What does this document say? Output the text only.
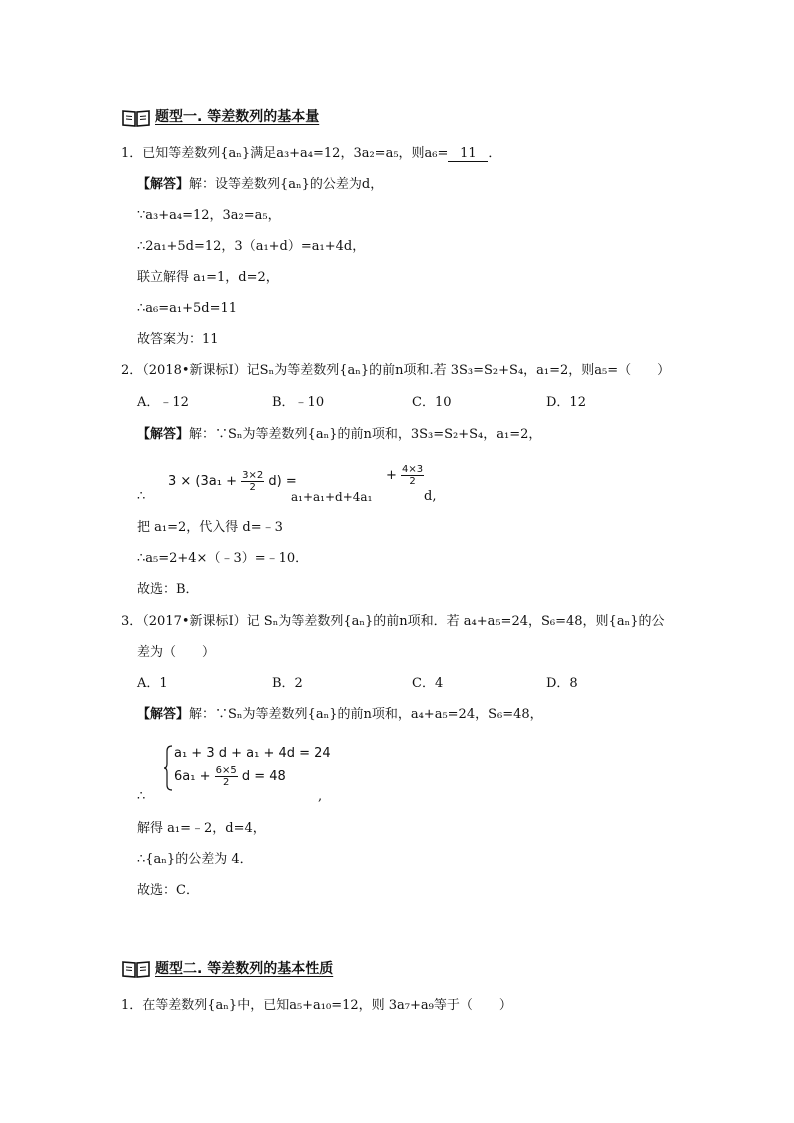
题型一. 等差数列的基本量
1．已知等差数列{aₙ}满足a₃+a₄=12，3a₂=a₅，则a₆= 11 ．
【解答】解：设等差数列{aₙ}的公差为d，
∵a₃+a₄=12，3a₂=a₅，
∴2a₁+5d=12，3（a₁+d）=a₁+4d，
联立解得 a₁=1，d=2，
∴a₆=a₁+5d=11
故答案为：11
2．（2018•新课标Ⅰ）记Sₙ为等差数列{aₙ}的前n项和.若 3S₃=S₂+S₄，a₁=2，则a₅=（　　）
A．﹣12	B．﹣10	C．10	D．12
【解答】解：∵Sₙ为等差数列{aₙ}的前n项和，3S₃=S₂+S₄，a₁=2，
∴
$3 \times (3a_1 + \frac{3\times 2}{2} d)$ =
a₁+a₁+d+4a₁
+ $\frac{4\times 3}{2}$
d,
把 a₁=2，代入得 d=﹣3
∴a₅=2+4×（﹣3）=﹣10．
故选：B．
3．（2017•新课标Ⅰ）记 Sₙ为等差数列{aₙ}的前n项和．若 a₄+a₅=24，S₆=48，则{aₙ}的公
差为（　　）
A．1	B．2	C．4	D．8
【解答】解：∵Sₙ为等差数列{aₙ}的前n项和，a₄+a₅=24，S₆=48，
∴
a₁ + 3 d + a₁ + 4d = 24
$6a_1 + \frac{6\times 5}{2}$ d = 48
,
解得 a₁=﹣2，d=4，
∴{aₙ}的公差为 4．
故选：C．
题型二. 等差数列的基本性质
1．在等差数列{aₙ}中，已知a₅+a₁₀=12，则 3a₇+a₉等于（　　）
